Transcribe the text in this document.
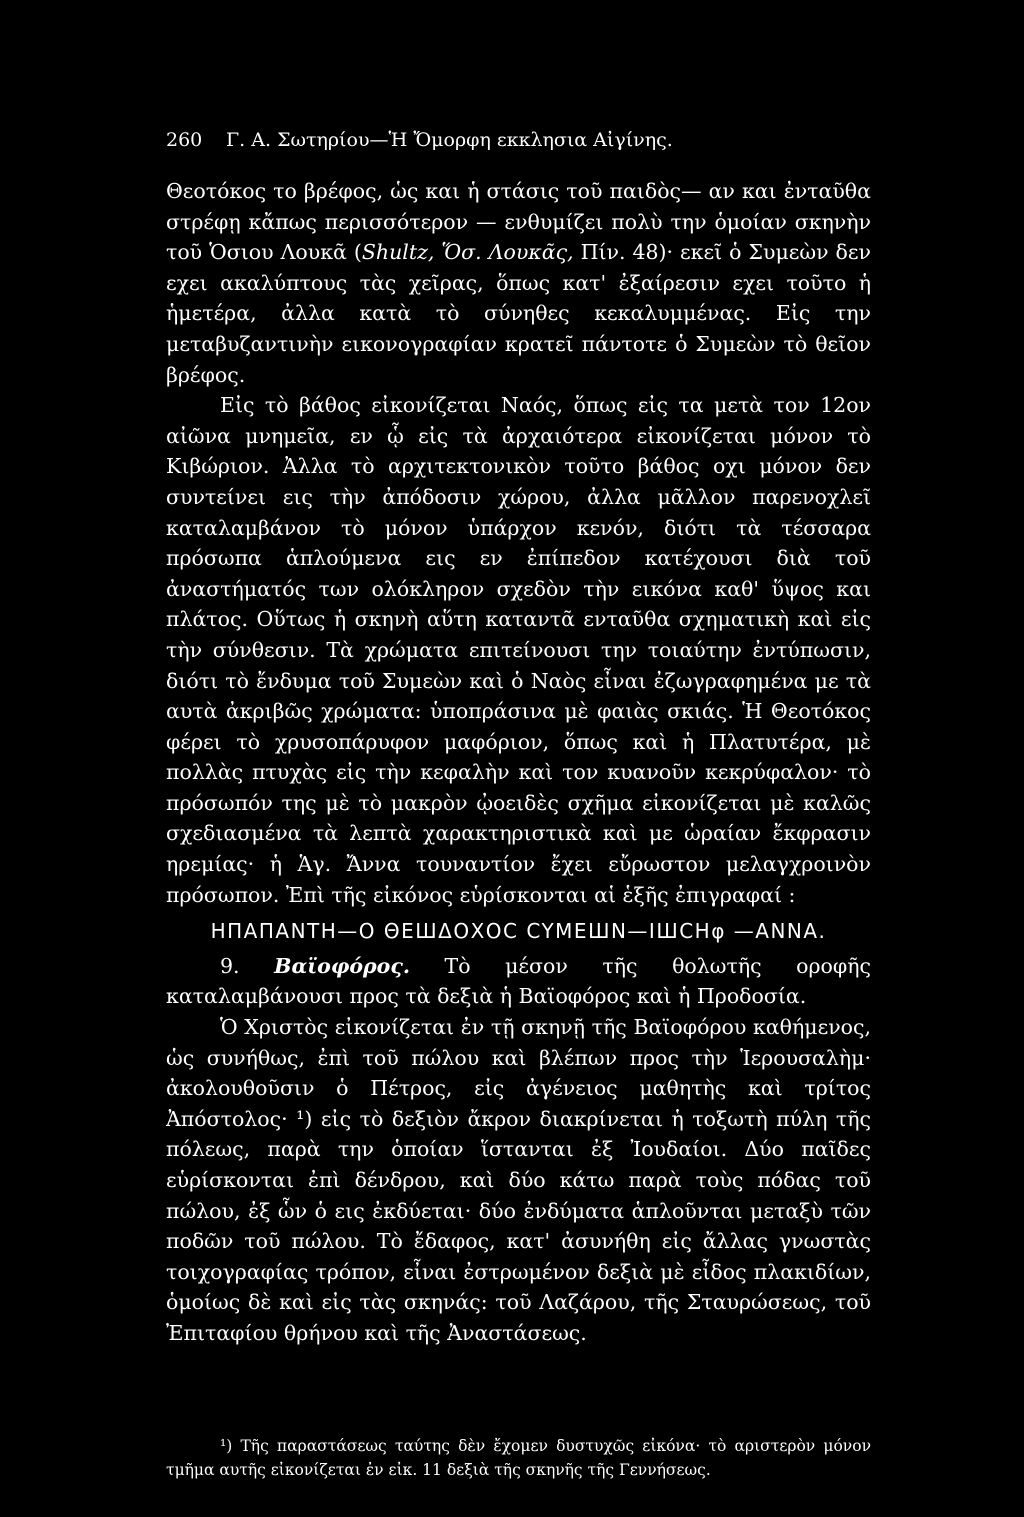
260 Γ. Α. Σωτηρίου—Ἡ Ὄμορφη εκκλησια Αἰγίνης.

Θεοτόκος το βρέφος, ὡς και ἡ στάσις τοῦ παιδὸς— αν και ἐνταῦθα στρέφῃ κἄπως περισσότερον — ενθυμίζει πολὺ την ὁμοίαν σκηνὴν τοῦ Ὁσιου Λουκᾶ (Shultz, Ὅσ. Λουκᾶς, Πίν. 48)· εκεῖ ὁ Συμεὼν δεν εχει ακαλύπτους τὰς χεῖρας, ὅπως κατ' ἐξαίρεσιν εχει τοῦτο ἡ ἡμετέρα, ἀλλα κατὰ τὸ σύνηθες κεκαλυμμένας. Εἰς την μεταβυζαντινὴν εικονογραφίαν κρατεῖ πάντοτε ὁ Συμεὼν τὸ θεῖον βρέφος.

Εἰς τὸ βάθος εἰκονίζεται Ναός, ὅπως εἰς τα μετὰ τον 12ον αἰῶνα μνημεῖα, εν ᾧ εἰς τὰ ἀρχαιότερα εἰκονίζεται μόνον τὸ Κιβώριον. Ἀλλα τὸ αρχιτεκτονικὸν τοῦτο βάθος οχι μόνον δεν συντείνει εις τὴν ἀπόδοσιν χώρου, ἀλλα μᾶλλον παρενοχλεῖ καταλαμβάνον τὸ μόνον ὑπάρχον κενόν, διότι τὰ τέσσαρα πρόσωπα ἁπλούμενα εις εν ἐπίπεδον κατέχουσι διὰ τοῦ ἀναστήματός των ολόκληρον σχεδὸν τὴν εικόνα καθ' ὕψος και πλάτος. Οὕτως ἡ σκηνὴ αὕτη καταντᾶ ενταῦθα σχηματικὴ καὶ εἰς τὴν σύνθεσιν. Τὰ χρώματα επιτείνουσι την τοιαύτην ἐντύπωσιν, διότι τὸ ἔνδυμα τοῦ Συμεὼν καὶ ὁ Ναὸς εἶναι ἐζωγραφημένα με τὰ αυτὰ ἀκριβῶς χρώματα: ὑποπράσινα μὲ φαιὰς σκιάς. Ἡ Θεοτόκος φέρει τὸ χρυσοπάρυφον μαφόριον, ὅπως καὶ ἡ Πλατυτέρα, μὲ πολλὰς πτυχὰς εἰς τὴν κεφαλὴν καὶ τον κυανοῦν κεκρύφαλον· τὸ πρόσωπόν της μὲ τὸ μακρὸν ᾠοειδὲς σχῆμα εἰκονίζεται μὲ καλῶς σχεδιασμένα τὰ λεπτὰ χαρακτηριστικὰ καὶ με ὡραίαν ἔκφρασιν ηρεμίας· ἡ Ἁγ. Ἄννα τουναντίον ἔχει εὔρωστον μελαγχροινὸν πρόσωπον. Ἐπὶ τῆς εἰκόνος εὑρίσκονται αἱ ἑξῆς ἐπιγραφαί :

ΗΠΑΠΑΝΤΗ—Ο ΘΕШΔΟΧΟC CYMEШN—ΙШCΗφ —ΑΝΝΑ.

9. Βαϊοφόρος. Τὸ μέσον τῆς θολωτῆς οροφῆς καταλαμβάνουσι προς τὰ δεξιὰ ἡ Βαϊοφόρος καὶ ἡ Προδοσία.

Ὁ Χριστὸς εἰκονίζεται ἐν τῇ σκηνῇ τῆς Βαϊοφόρου καθήμενος, ὡς συνήθως, ἐπὶ τοῦ πώλου καὶ βλέπων προς τὴν Ἱερουσαλὴμ· ἀκολουθοῦσιν ὁ Πέτρος, εἰς ἀγένειος μαθητὴς καὶ τρίτος Ἀπόστολος· ¹) εἰς τὸ δεξιὸν ἄκρον διακρίνεται ἡ τοξωτὴ πύλη τῆς πόλεως, παρὰ την ὁποίαν ἵστανται ἐξ Ἰουδαίοι. Δύο παῖδες εὑρίσκονται ἐπὶ δένδρου, καὶ δύο κάτω παρὰ τοὺς πόδας τοῦ πώλου, ἐξ ὧν ὁ εις ἐκδύεται· δύο ἐνδύματα ἁπλοῦνται μεταξὺ τῶν ποδῶν τοῦ πώλου. Τὸ ἔδαφος, κατ' ἀσυνήθη εἰς ἄλλας γνωστὰς τοιχογραφίας τρόπον, εἶναι ἐστρωμένον δεξιὰ μὲ εἶδος πλακιδίων, ὁμοίως δὲ καὶ εἰς τὰς σκηνάς: τοῦ Λαζάρου, τῆς Σταυρώσεως, τοῦ Ἐπιταφίου θρήνου καὶ τῆς Ἀναστάσεως.

¹) Τῆς παραστάσεως ταύτης δὲν ἔχομεν δυστυχῶς εἰκόνα· τὸ αριστερὸν μόνον τμῆμα αυτῆς εἰκονίζεται ἐν εἰκ. 11 δεξιὰ τῆς σκηνῆς τῆς Γεννήσεως.
